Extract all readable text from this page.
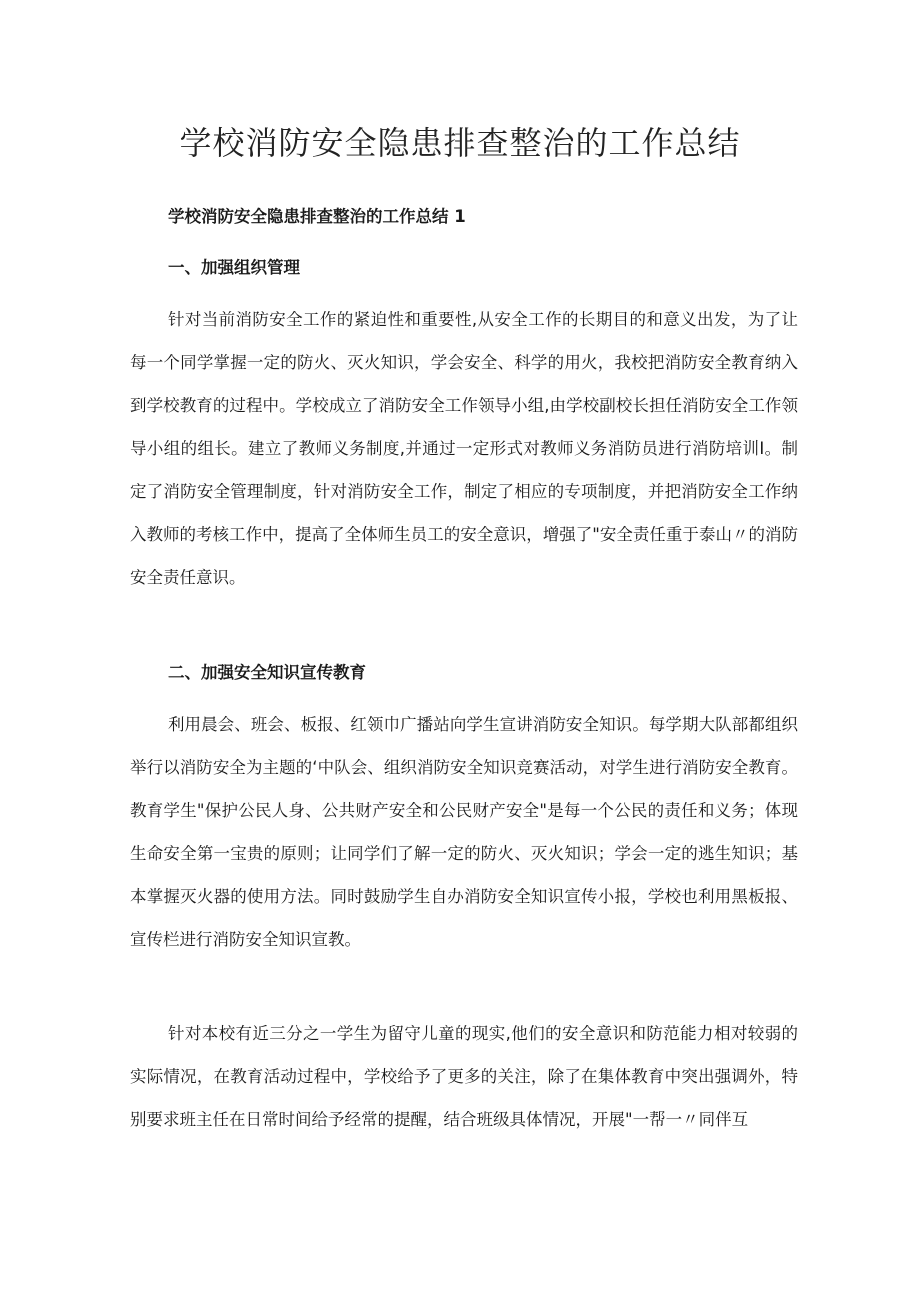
学校消防安全隐患排查整治的工作总结
学校消防安全隐患排查整治的工作总结 1
一、加强组织管理

针对当前消防安全工作的紧迫性和重要性,从安全工作的长期目的和意义出发，为了让每一个同学掌握一定的防火、灭火知识，学会安全、科学的用火，我校把消防安全教育纳入到学校教育的过程中。学校成立了消防安全工作领导小组,由学校副校长担任消防安全工作领导小组的组长。建立了教师义务制度,并通过一定形式对教师义务消防员进行消防培训I。制定了消防安全管理制度，针对消防安全工作，制定了相应的专项制度，并把消防安全工作纳入教师的考核工作中，提高了全体师生员工的安全意识，增强了"安全责任重于泰山〃的消防安全责任意识。

二、加强安全知识宣传教育

利用晨会、班会、板报、红领巾广播站向学生宣讲消防安全知识。每学期大队部都组织举行以消防安全为主题的‘中队会、组织消防安全知识竞赛活动，对学生进行消防安全教育。教育学生"保护公民人身、公共财产安全和公民财产安全"是每一个公民的责任和义务；体现生命安全第一宝贵的原则；让同学们了解一定的防火、灭火知识；学会一定的逃生知识；基本掌握灭火器的使用方法。同时鼓励学生自办消防安全知识宣传小报，学校也利用黑板报、宣传栏进行消防安全知识宣教。

针对本校有近三分之一学生为留守儿童的现实,他们的安全意识和防范能力相对较弱的实际情况，在教育活动过程中，学校给予了更多的关注，除了在集体教育中突出强调外，特别要求班主任在日常时间给予经常的提醒，结合班级具体情况，开展"一帮一〃同伴互
